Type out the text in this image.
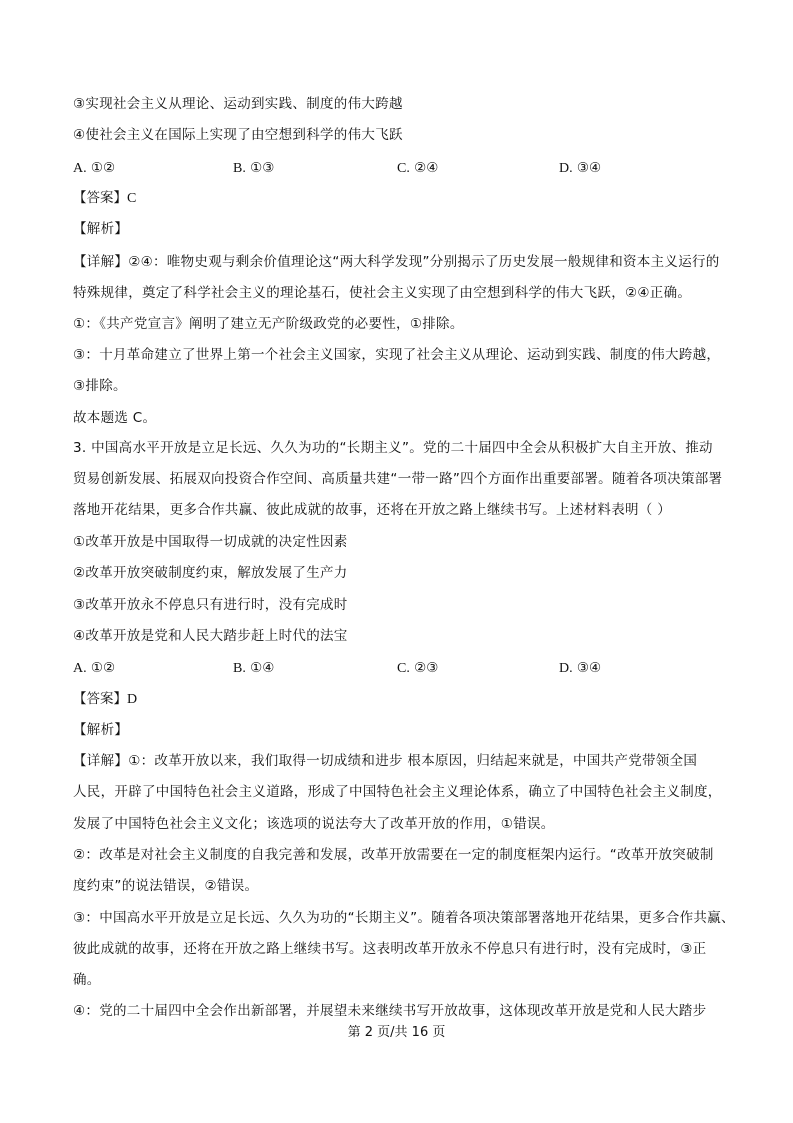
③实现社会主义从理论、运动到实践、制度的伟大跨越
④使社会主义在国际上实现了由空想到科学的伟大飞跃
A. ①②	B. ①③	C. ②④	D. ③④
【答案】C
【解析】
【详解】②④：唯物史观与剩余价值理论这“两大科学发现”分别揭示了历史发展一般规律和资本主义运行的
特殊规律，奠定了科学社会主义的理论基石，使社会主义实现了由空想到科学的伟大飞跃，②④正确。
①：《共产党宣言》阐明了建立无产阶级政党的必要性，①排除。
③：十月革命建立了世界上第一个社会主义国家，实现了社会主义从理论、运动到实践、制度的伟大跨越，
③排除。
故本题选 C。
3. 中国高水平开放是立足长远、久久为功的“长期主义”。党的二十届四中全会从积极扩大自主开放、推动
贸易创新发展、拓展双向投资合作空间、高质量共建“一带一路”四个方面作出重要部署。随着各项决策部署
落地开花结果，更多合作共赢、彼此成就的故事，还将在开放之路上继续书写。上述材料表明（ ）
①改革开放是中国取得一切成就的决定性因素
②改革开放突破制度约束，解放发展了生产力
③改革开放永不停息只有进行时，没有完成时
④改革开放是党和人民大踏步赶上时代的法宝
A. ①②	B. ①④	C. ②③	D. ③④
【答案】D
【解析】
【详解】①：改革开放以来，我们取得一切成绩和进步 根本原因，归结起来就是，中国共产党带领全国
人民，开辟了中国特色社会主义道路，形成了中国特色社会主义理论体系，确立了中国特色社会主义制度，
发展了中国特色社会主义文化；该选项的说法夸大了改革开放的作用，①错误。
②：改革是对社会主义制度的自我完善和发展，改革开放需要在一定的制度框架内运行。“改革开放突破制
度约束”的说法错误，②错误。
③：中国高水平开放是立足长远、久久为功的“长期主义”。随着各项决策部署落地开花结果，更多合作共赢、
彼此成就的故事，还将在开放之路上继续书写。这表明改革开放永不停息只有进行时，没有完成时，③正
确。
④：党的二十届四中全会作出新部署，并展望未来继续书写开放故事，这体现改革开放是党和人民大踏步
第 2 页/共 16 页
